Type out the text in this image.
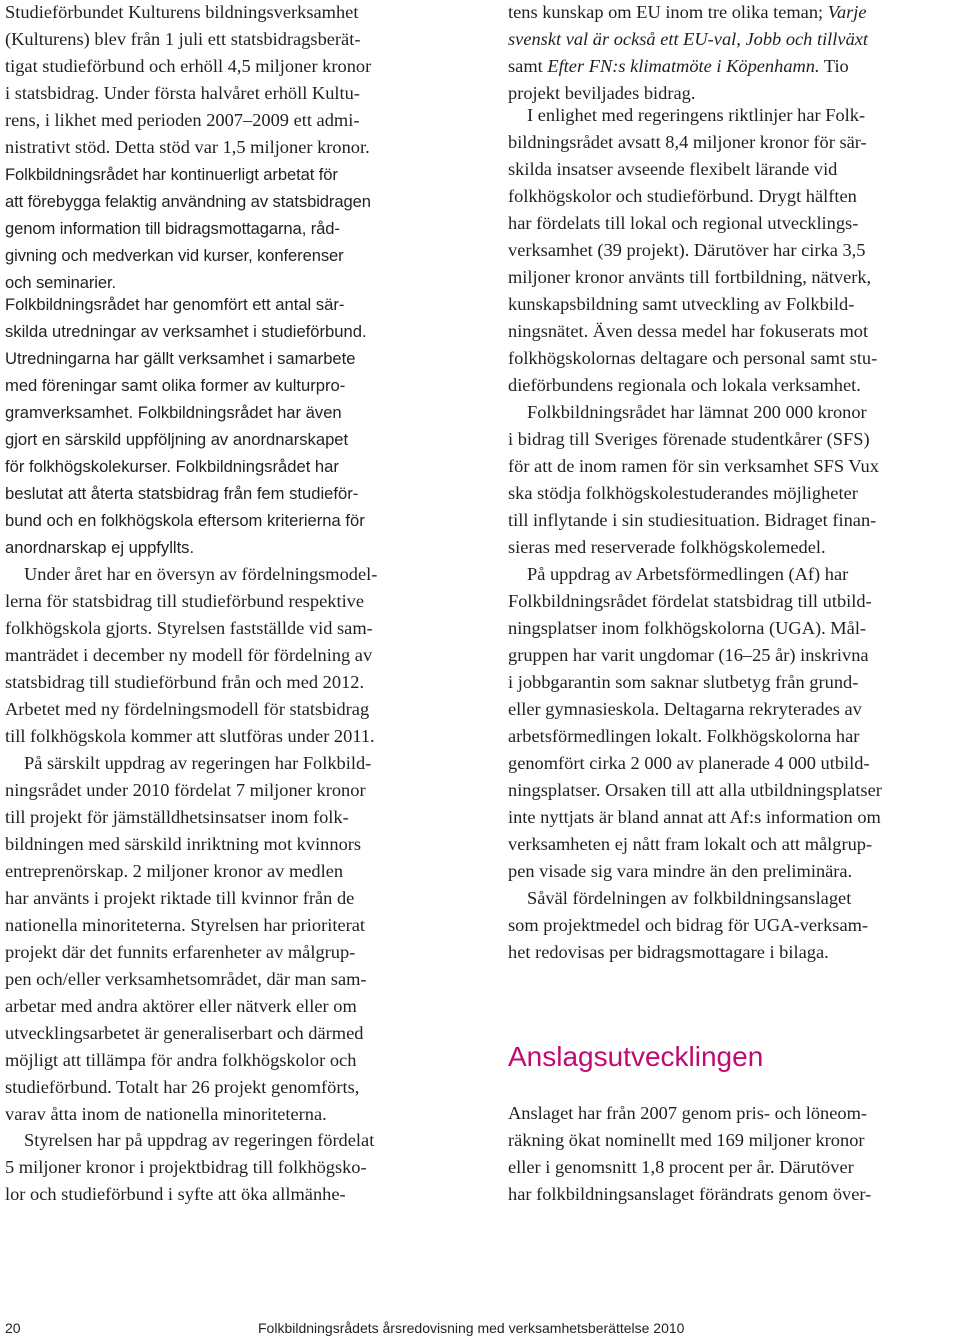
Studieförbundet Kulturens bildningsverksamhet
(Kulturens) blev från 1 juli ett statsbidragsberät-
tigat studieförbund och erhöll 4,5 miljoner kronor
i statsbidrag. Under första halvåret erhöll Kultu-
rens, i likhet med perioden 2007–2009 ett admi-
nistrativt stöd. Detta stöd var 1,5 miljoner kronor.
Folkbildningsrådet har kontinuerligt arbetat för
att förebygga felaktig användning av statsbidragen
genom information till bidragsmottagarna, råd-
givning och medverkan vid kurser, konferenser
och seminarier.
Folkbildningsrådet har genomfört ett antal sär-
skilda utredningar av verksamhet i studieförbund.
Utredningarna har gällt verksamhet i samarbete
med föreningar samt olika former av kulturpro-
gramverksamhet. Folkbildningsrådet har även
gjort en särskild uppföljning av anordnarskapet
för folkhögskolekurser. Folkbildningsrådet har
beslutat att återta statsbidrag från fem studieför-
bund och en folkhögskola eftersom kriterierna för
anordnarskap ej uppfyllts.
Under året har en översyn av fördelningsmodel-
lerna för statsbidrag till studieförbund respektive
folkhögskola gjorts. Styrelsen fastställde vid sam-
manträdet i december ny modell för fördelning av
statsbidrag till studieförbund från och med 2012.
Arbetet med ny fördelningsmodell för statsbidrag
till folkhögskola kommer att slutföras under 2011.
På särskilt uppdrag av regeringen har Folkbild-
ningsrådet under 2010 fördelat 7 miljoner kronor
till projekt för jämställdhetsinsatser inom folk-
bildningen med särskild inriktning mot kvinnors
entreprenörskap. 2 miljoner kronor av medlen
har använts i projekt riktade till kvinnor från de
nationella minoriteterna. Styrelsen har prioriterat
projekt där det funnits erfarenheter av målgrup-
pen och/eller verksamhetsområdet, där man sam-
arbetar med andra aktörer eller nätverk eller om
utvecklingsarbetet är generaliserbart och därmed
möjligt att tillämpa för andra folkhögskolor och
studieförbund. Totalt har 26 projekt genomförts,
varav åtta inom de nationella minoriteterna.
Styrelsen har på uppdrag av regeringen fördelat
5 miljoner kronor i projektbidrag till folkhögsko-
lor och studieförbund i syfte att öka allmänhe-
tens kunskap om EU inom tre olika teman; Varje
svenskt val är också ett EU-val, Jobb och tillväxt
samt Efter FN:s klimatmöte i Köpenhamn. Tio
projekt beviljades bidrag.
I enlighet med regeringens riktlinjer har Folk-
bildningsrådet avsatt 8,4 miljoner kronor för sär-
skilda insatser avseende flexibelt lärande vid
folkhögskolor och studieförbund. Drygt hälften
har fördelats till lokal och regional utvecklings-
verksamhet (39 projekt). Därutöver har cirka 3,5
miljoner kronor använts till fortbildning, nätverk,
kunskapsbildning samt utveckling av Folkbild-
ningsnätet. Även dessa medel har fokuserats mot
folkhögskolornas deltagare och personal samt stu-
dieförbundens regionala och lokala verksamhet.
Folkbildningsrådet har lämnat 200 000 kronor
i bidrag till Sveriges förenade studentkårer (SFS)
för att de inom ramen för sin verksamhet SFS Vux
ska stödja folkhögskolestuderandes möjligheter
till inflytande i sin studiesituation. Bidraget finan-
sieras med reserverade folkhögskolemedel.
På uppdrag av Arbetsförmedlingen (Af) har
Folkbildningsrådet fördelat statsbidrag till utbild-
ningsplatser inom folkhögskolorna (UGA). Mål-
gruppen har varit ungdomar (16–25 år) inskrivna
i jobbgarantin som saknar slutbetyg från grund-
eller gymnasieskola. Deltagarna rekryterades av
arbetsförmedlingen lokalt. Folkhögskolorna har
genomfört cirka 2 000 av planerade 4 000 utbild-
ningsplatser. Orsaken till att alla utbildningsplatser
inte nyttjats är bland annat att Af:s information om
verksamheten ej nått fram lokalt och att målgrup-
pen visade sig vara mindre än den preliminära.
Såväl fördelningen av folkbildningsanslaget
som projektmedel och bidrag för UGA-verksam-
het redovisas per bidragsmottagare i bilaga.
Anslaget har från 2007 genom pris- och löneom-
räkning ökat nominellt med 169 miljoner kronor
eller i genomsnitt 1,8 procent per år. Därutöver
har folkbildningsanslaget förändrats genom över-
Anslagsutvecklingen
20	Folkbildningsrådets årsredovisning med verksamhetsberättelse 2010
